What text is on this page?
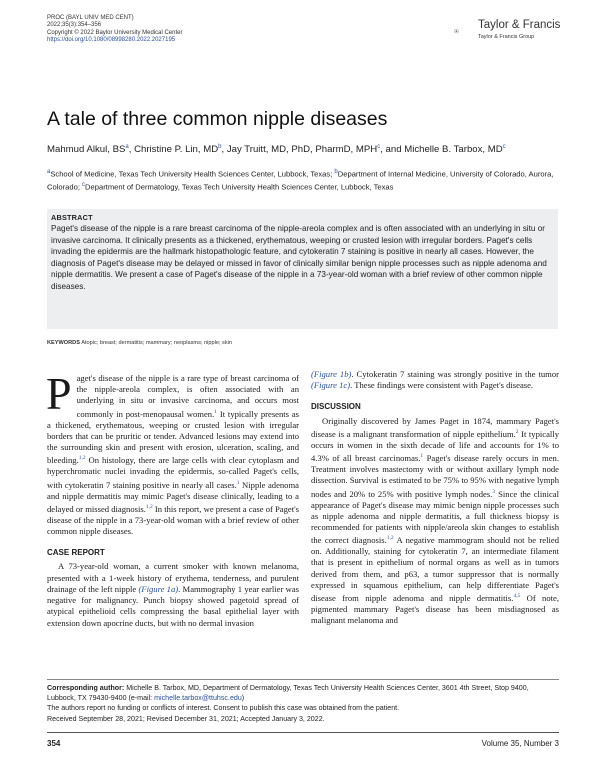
PROC (BAYL UNIV MED CENT)
2022;35(3):354–356
Copyright © 2022 Baylor University Medical Center
https://doi.org/10.1080/08998280.2022.2027195
Taylor & Francis
Taylor & Francis Group
A tale of three common nipple diseases
Mahmud Alkul, $BS^a$, Christine P. Lin, $MD^b$, Jay Truitt, MD, PhD, PharmD, MPH$^c$, and Michelle B. Tarbox, $MD^c$
$^a$School of Medicine, Texas Tech University Health Sciences Center, Lubbock, Texas; $^b$Department of Internal Medicine, University of Colorado, Aurora, Colorado; $^c$Department of Dermatology, Texas Tech University Health Sciences Center, Lubbock, Texas
ABSTRACT
Paget's disease of the nipple is a rare breast carcinoma of the nipple-areola complex and is often associated with an underlying in situ or invasive carcinoma. It clinically presents as a thickened, erythematous, weeping or crusted lesion with irregular borders. Paget's cells invading the epidermis are the hallmark histopathologic feature, and cytokeratin 7 staining is positive in nearly all cases. However, the diagnosis of Paget's disease may be delayed or missed in favor of clinically similar benign nipple processes such as nipple adenoma and nipple dermatitis. We present a case of Paget's disease of the nipple in a 73-year-old woman with a brief review of other common nipple diseases.
KEYWORDS Atopic; breast; dermatitis; mammary; neoplasms; nipple; skin

Paget's disease of the nipple is a rare type of breast carcinoma of the nipple-areola complex, is often associated with an underlying in situ or invasive carcinoma, and occurs most commonly in post-menopausal women.$^1$ It typically presents as a thickened, erythematous, weeping or crusted lesion with irregular borders that can be pruritic or tender. Advanced lesions may extend into the surrounding skin and present with erosion, ulceration, scaling, and bleeding.$^{1,2}$ On histology, there are large cells with clear cytoplasm and hyperchromatic nuclei invading the epidermis, so-called Paget's cells, with cytokeratin 7 staining positive in nearly all cases.$^1$ Nipple adenoma and nipple dermatitis may mimic Paget's disease clinically, leading to a delayed or missed diagnosis.$^{1,2}$ In this report, we present a case of Paget's disease of the nipple in a 73-year-old woman with a brief review of other common nipple diseases.

CASE REPORT

A 73-year-old woman, a current smoker with known melanoma, presented with a 1-week history of erythema, tenderness, and purulent drainage of the left nipple (Figure 1a). Mammography 1 year earlier was negative for malignancy. Punch biopsy showed pagetoid spread of atypical epithelioid cells compressing the basal epithelial layer with extension down apocrine ducts, but with no dermal invasion

(Figure 1b). Cytokeratin 7 staining was strongly positive in the tumor (Figure 1c). These findings were consistent with Paget's disease.

DISCUSSION

Originally discovered by James Paget in 1874, mammary Paget's disease is a malignant transformation of nipple epithelium.$^2$ It typically occurs in women in the sixth decade of life and accounts for 1% to 4.3% of all breast carcinomas.$^1$ Paget's disease rarely occurs in men. Treatment involves mastectomy with or without axillary lymph node dissection. Survival is estimated to be 75% to 95% with negative lymph nodes and 20% to 25% with positive lymph nodes.$^3$ Since the clinical appearance of Paget's disease may mimic benign nipple processes such as nipple adenoma and nipple dermatitis, a full thickness biopsy is recommended for patients with nipple/areola skin changes to establish the correct diagnosis.$^{1,2}$ A negative mammogram should not be relied on. Additionally, staining for cytokeratin 7, an intermediate filament that is present in epithelium of normal organs as well as in tumors derived from them, and p63, a tumor suppressor that is normally expressed in squamous epithelium, can help differentiate Paget's disease from nipple adenoma and nipple dermatitis.$^{4,5}$ Of note, pigmented mammary Paget's disease has been misdiagnosed as malignant melanoma and

Corresponding author: Michelle B. Tarbox, MD, Department of Dermatology, Texas Tech University Health Sciences Center, 3601 4th Street, Stop 9400, Lubbock, TX 79430-9400 (e-mail: michelle.tarbox@ttuhsc.edu)
The authors report no funding or conflicts of interest. Consent to publish this case was obtained from the patient.
Received September 28, 2021; Revised December 31, 2021; Accepted January 3, 2022.
354	Volume 35, Number 3
